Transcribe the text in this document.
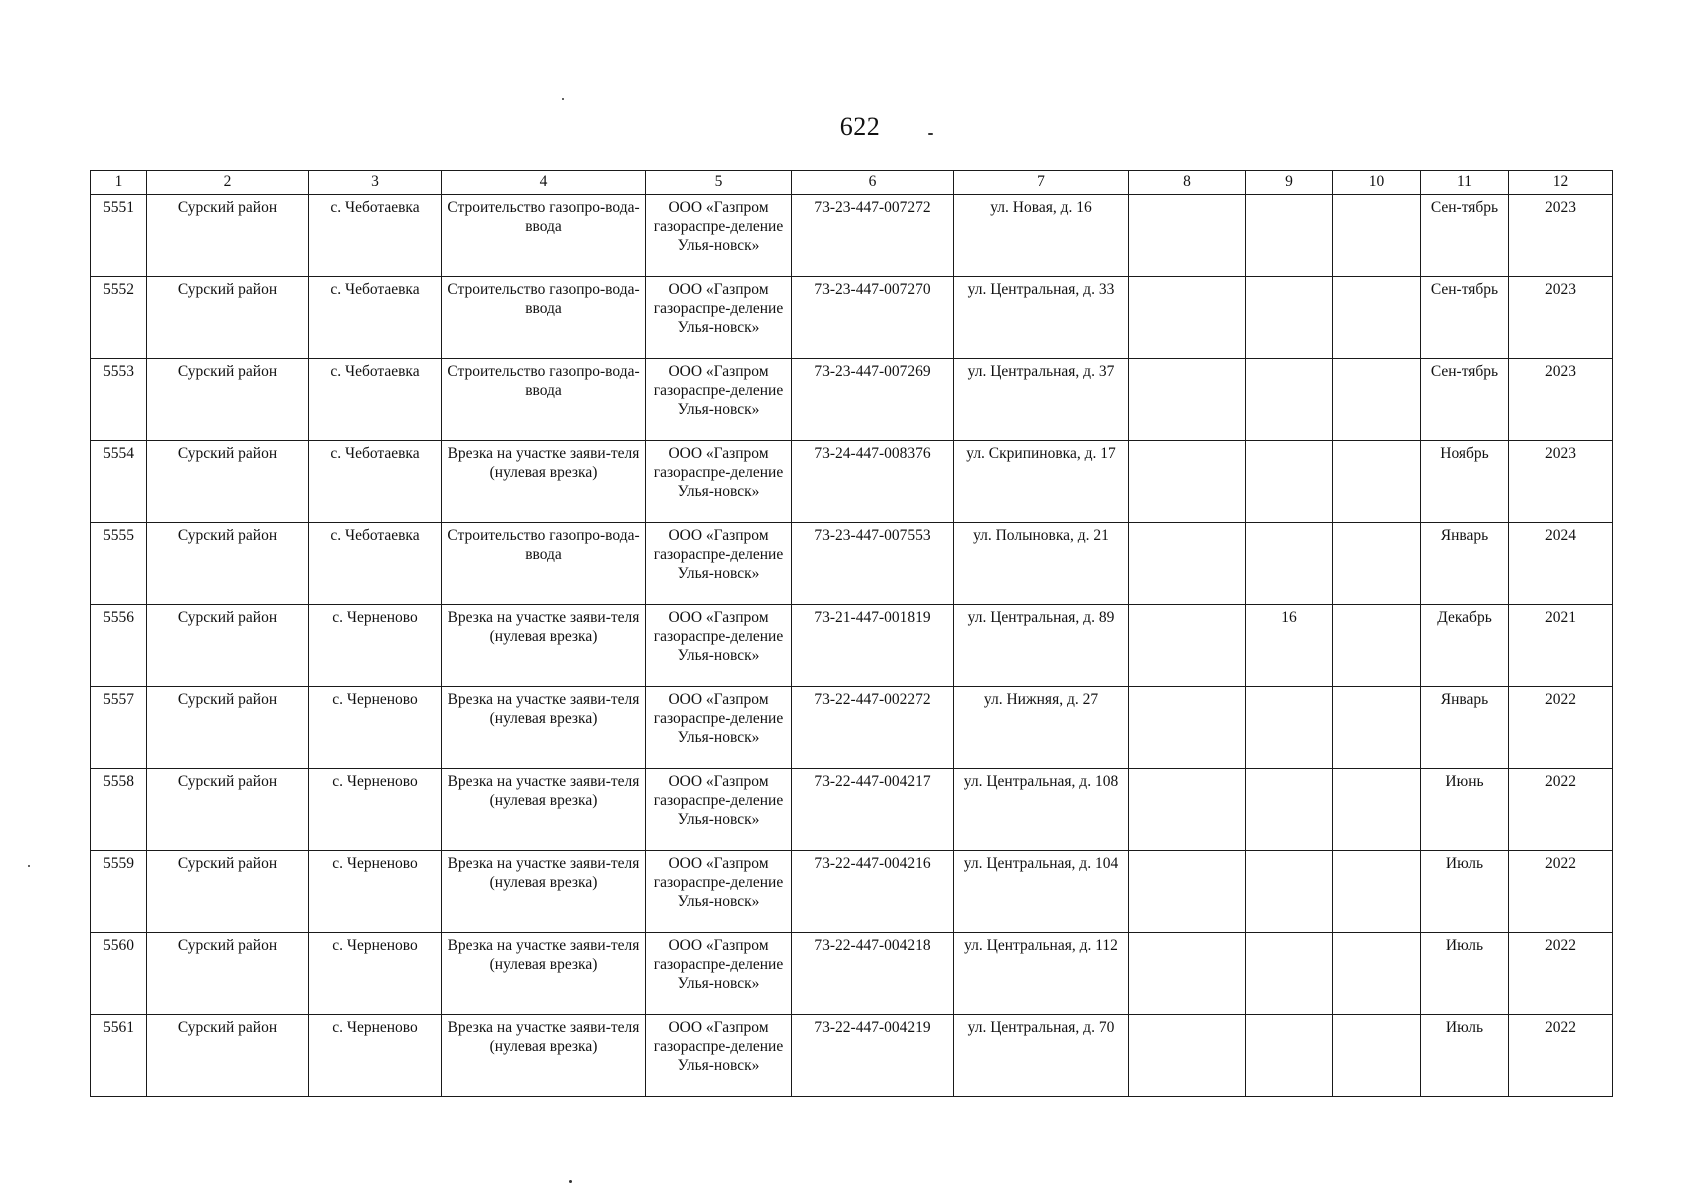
622
1	2	3	4	5	6	7	8	9	10	11	12
5551	Сурский район	с. Чеботаевка	Строительство газопро-вода-ввода	ООО «Газпром газораспре-деление Улья-новск»	73-23-447-007272	ул. Новая, д. 16				Сен-тябрь	2023
5552	Сурский район	с. Чеботаевка	Строительство газопро-вода-ввода	ООО «Газпром газораспре-деление Улья-новск»	73-23-447-007270	ул. Центральная, д. 33				Сен-тябрь	2023
5553	Сурский район	с. Чеботаевка	Строительство газопро-вода-ввода	ООО «Газпром газораспре-деление Улья-новск»	73-23-447-007269	ул. Центральная, д. 37				Сен-тябрь	2023
5554	Сурский район	с. Чеботаевка	Врезка на участке заяви-теля (нулевая врезка)	ООО «Газпром газораспре-деление Улья-новск»	73-24-447-008376	ул. Скрипиновка, д. 17				Ноябрь	2023
5555	Сурский район	с. Чеботаевка	Строительство газопро-вода-ввода	ООО «Газпром газораспре-деление Улья-новск»	73-23-447-007553	ул. Полыновка, д. 21				Январь	2024
5556	Сурский район	с. Черненово	Врезка на участке заяви-теля (нулевая врезка)	ООО «Газпром газораспре-деление Улья-новск»	73-21-447-001819	ул. Центральная, д. 89		16		Декабрь	2021
5557	Сурский район	с. Черненово	Врезка на участке заяви-теля (нулевая врезка)	ООО «Газпром газораспре-деление Улья-новск»	73-22-447-002272	ул. Нижняя, д. 27				Январь	2022
5558	Сурский район	с. Черненово	Врезка на участке заяви-теля (нулевая врезка)	ООО «Газпром газораспре-деление Улья-новск»	73-22-447-004217	ул. Центральная, д. 108				Июнь	2022
5559	Сурский район	с. Черненово	Врезка на участке заяви-теля (нулевая врезка)	ООО «Газпром газораспре-деление Улья-новск»	73-22-447-004216	ул. Центральная, д. 104				Июль	2022
5560	Сурский район	с. Черненово	Врезка на участке заяви-теля (нулевая врезка)	ООО «Газпром газораспре-деление Улья-новск»	73-22-447-004218	ул. Центральная, д. 112				Июль	2022
5561	Сурский район	с. Черненово	Врезка на участке заяви-теля (нулевая врезка)	ООО «Газпром газораспре-деление Улья-новск»	73-22-447-004219	ул. Центральная, д. 70				Июль	2022
